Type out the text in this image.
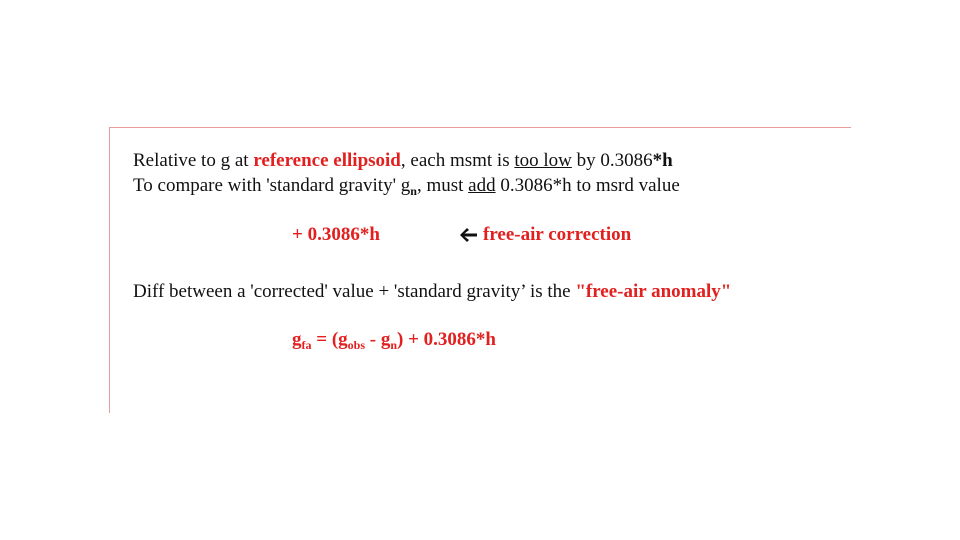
Relative to g at reference ellipsoid, each msmt is too low by 0.3086*h
To compare with 'standard gravity' $g_n$, must add 0.3086*h to msrd value
+ 0.3086*h	free-air correction
Diff between a 'corrected' value + 'standard gravity’ is the "free-air anomaly"
$g_{fa} = (g_{obs} - g_n) + 0.3086*h$
